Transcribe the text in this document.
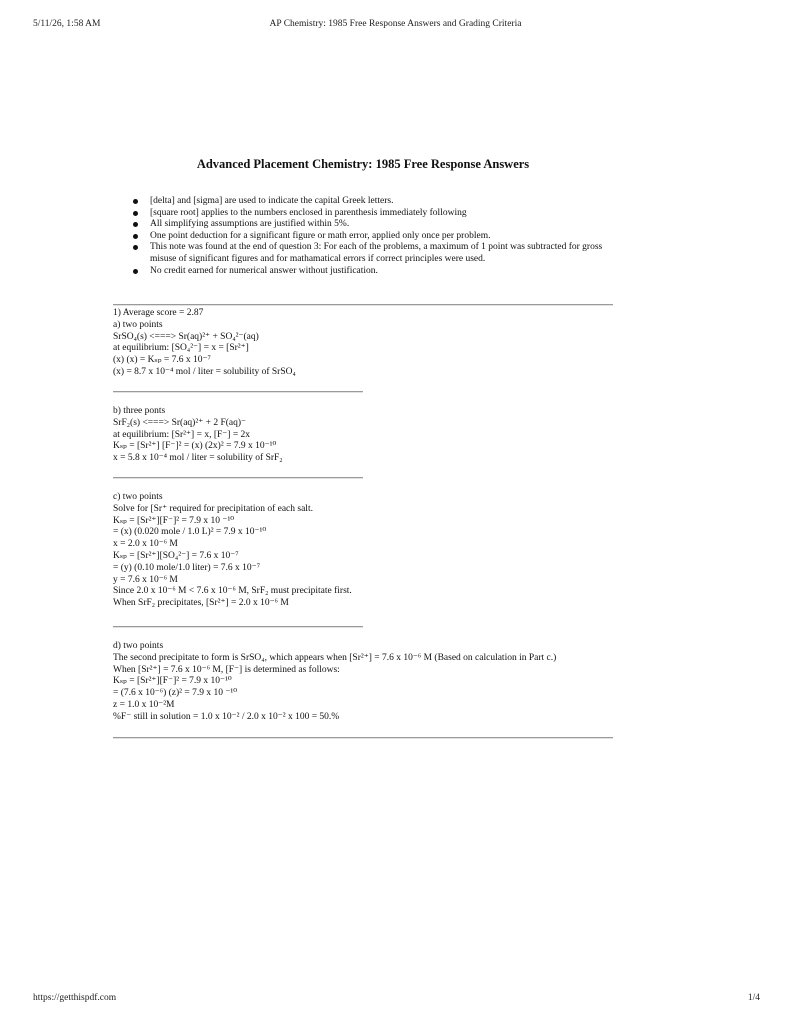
5/11/26, 1:58 AM	AP Chemistry: 1985 Free Response Answers and Grading Criteria
Advanced Placement Chemistry: 1985 Free Response Answers
[delta] and [sigma] are used to indicate the capital Greek letters.
[square root] applies to the numbers enclosed in parenthesis immediately following
All simplifying assumptions are justified within 5%.
One point deduction for a significant figure or math error, applied only once per problem.
This note was found at the end of question 3: For each of the problems, a maximum of 1 point was subtracted for gross misuse of significant figures and for mathamatical errors if correct principles were used.
No credit earned for numerical answer without justification.
1) Average score = 2.87
a) two points
SrSO₄(s) <===> Sr(aq)²⁺ + SO₄²⁻(aq)
at equilibrium: [SO₄²⁻] = x = [Sr²⁺]
(x) (x) = Kₛₚ = 7.6 x 10⁻⁷
(x) = 8.7 x 10⁻⁴ mol / liter = solubility of SrSO₄
b) three ponts
SrF₂(s) <===> Sr(aq)²⁺ + 2 F(aq)⁻
at equilibrium: [Sr²⁺] = x, [F⁻] = 2x
Kₛₚ = [Sr²⁺] [F⁻]² = (x) (2x)² = 7.9 x 10⁻¹⁰
x = 5.8 x 10⁻⁴ mol / liter = solubility of SrF₂
c) two points
Solve for [Sr⁺ required for precipitation of each salt.
Kₛₚ = [Sr²⁺][F⁻]² = 7.9 x 10 ⁻¹⁰
= (x) (0.020 mole / 1.0 L)² = 7.9 x 10⁻¹⁰
x = 2.0 x 10⁻⁶ M
Kₛₚ = [Sr²⁺][SO₄²⁻] = 7.6 x 10⁻⁷
= (y) (0.10 mole/1.0 liter) = 7.6 x 10⁻⁷
y = 7.6 x 10⁻⁶ M
Since 2.0 x 10⁻⁶ M < 7.6 x 10⁻⁶ M, SrF₂ must precipitate first.
When SrF₂ precipitates, [Sr²⁺] = 2.0 x 10⁻⁶ M
d) two points
The second precipitate to form is SrSO₄, which appears when [Sr²⁺] = 7.6 x 10⁻⁶ M (Based on calculation in Part c.)
When [Sr²⁺] = 7.6 x 10⁻⁶ M, [F⁻] is determined as follows:
Kₛₚ = [Sr²⁺][F⁻]² = 7.9 x 10⁻¹⁰
= (7.6 x 10⁻⁶) (z)² = 7.9 x 10 ⁻¹⁰
z = 1.0 x 10⁻²M
%F⁻ still in solution = 1.0 x 10⁻² / 2.0 x 10⁻² x 100 = 50.%
https://getthispdf.com	1/4
